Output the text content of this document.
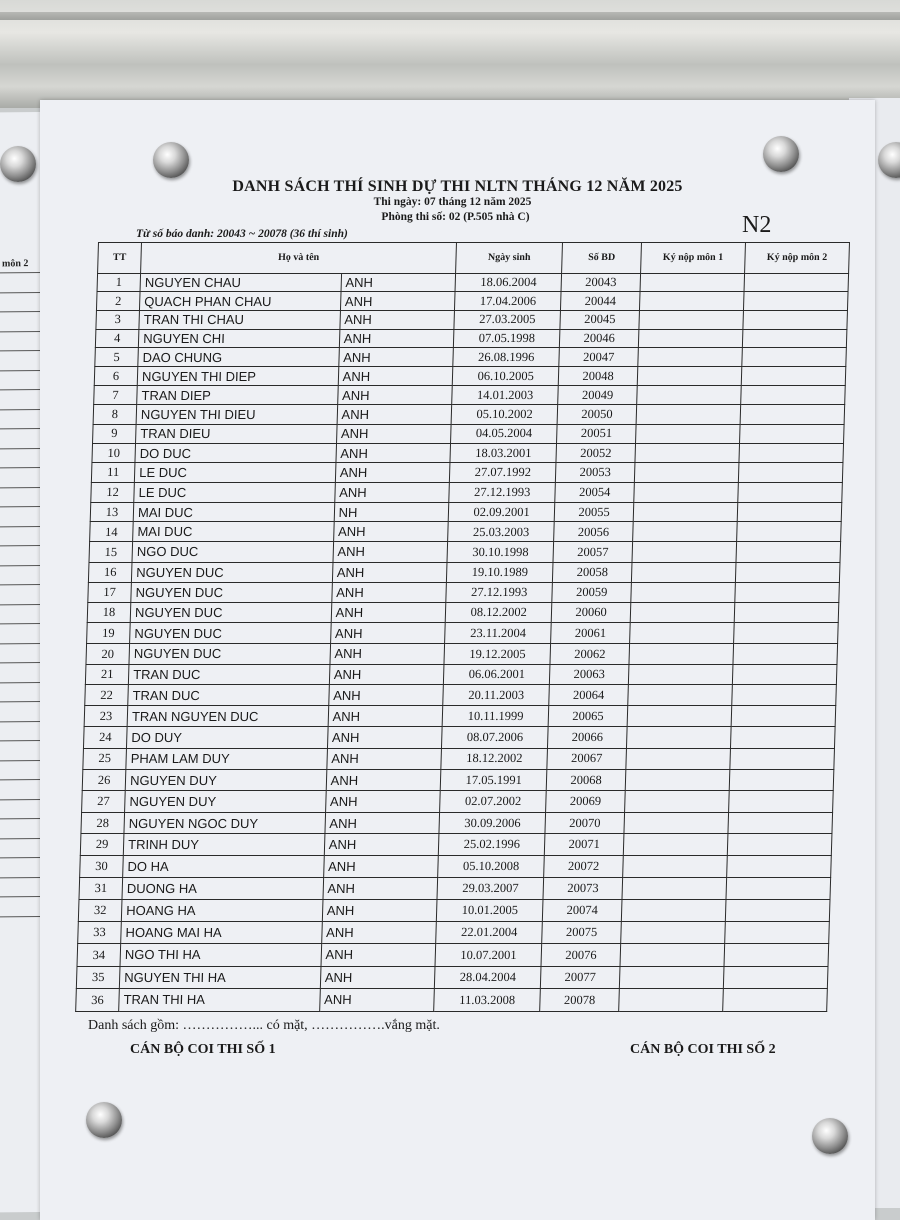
môn 2
DANH SÁCH THÍ SINH DỰ THI NLTN THÁNG 12 NĂM 2025
Thi ngày: 07 tháng 12 năm 2025
Phòng thi số: 02 (P.505 nhà C)
Từ số báo danh: 20043 ~ 20078 (36 thí sinh)	N2
Danh sách gồm: ……………... có mặt, …………….vắng mặt.
CÁN BỘ COI THI SỐ 1	CÁN BỘ COI THI SỐ 2
TT	Họ và tên		Ngày sinh	Số BD	Ký nộp môn 1	Ký nộp môn 2
1	NGUYEN CHAU	ANH	18.06.2004	20043		
2	QUACH PHAN CHAU	ANH	17.04.2006	20044		
3	TRAN THI CHAU	ANH	27.03.2005	20045		
4	NGUYEN CHI	ANH	07.05.1998	20046		
5	DAO CHUNG	ANH	26.08.1996	20047		
6	NGUYEN THI DIEP	ANH	06.10.2005	20048		
7	TRAN DIEP	ANH	14.01.2003	20049		
8	NGUYEN THI DIEU	ANH	05.10.2002	20050		
9	TRAN DIEU	ANH	04.05.2004	20051		
10	DO DUC	ANH	18.03.2001	20052		
11	LE DUC	ANH	27.07.1992	20053		
12	LE DUC	ANH	27.12.1993	20054		
13	MAI DUC	NH	02.09.2001	20055		
14	MAI DUC	ANH	25.03.2003	20056		
15	NGO DUC	ANH	30.10.1998	20057		
16	NGUYEN DUC	ANH	19.10.1989	20058		
17	NGUYEN DUC	ANH	27.12.1993	20059		
18	NGUYEN DUC	ANH	08.12.2002	20060		
19	NGUYEN DUC	ANH	23.11.2004	20061		
20	NGUYEN DUC	ANH	19.12.2005	20062		
21	TRAN DUC	ANH	06.06.2001	20063		
22	TRAN DUC	ANH	20.11.2003	20064		
23	TRAN NGUYEN DUC	ANH	10.11.1999	20065		
24	DO DUY	ANH	08.07.2006	20066		
25	PHAM LAM DUY	ANH	18.12.2002	20067		
26	NGUYEN DUY	ANH	17.05.1991	20068		
27	NGUYEN DUY	ANH	02.07.2002	20069		
28	NGUYEN NGOC DUY	ANH	30.09.2006	20070		
29	TRINH DUY	ANH	25.02.1996	20071		
30	DO HA	ANH	05.10.2008	20072		
31	DUONG HA	ANH	29.03.2007	20073		
32	HOANG HA	ANH	10.01.2005	20074		
33	HOANG MAI HA	ANH	22.01.2004	20075		
34	NGO THI HA	ANH	10.07.2001	20076		
35	NGUYEN THI HA	ANH	28.04.2004	20077		
36	TRAN THI HA	ANH	11.03.2008	20078		
